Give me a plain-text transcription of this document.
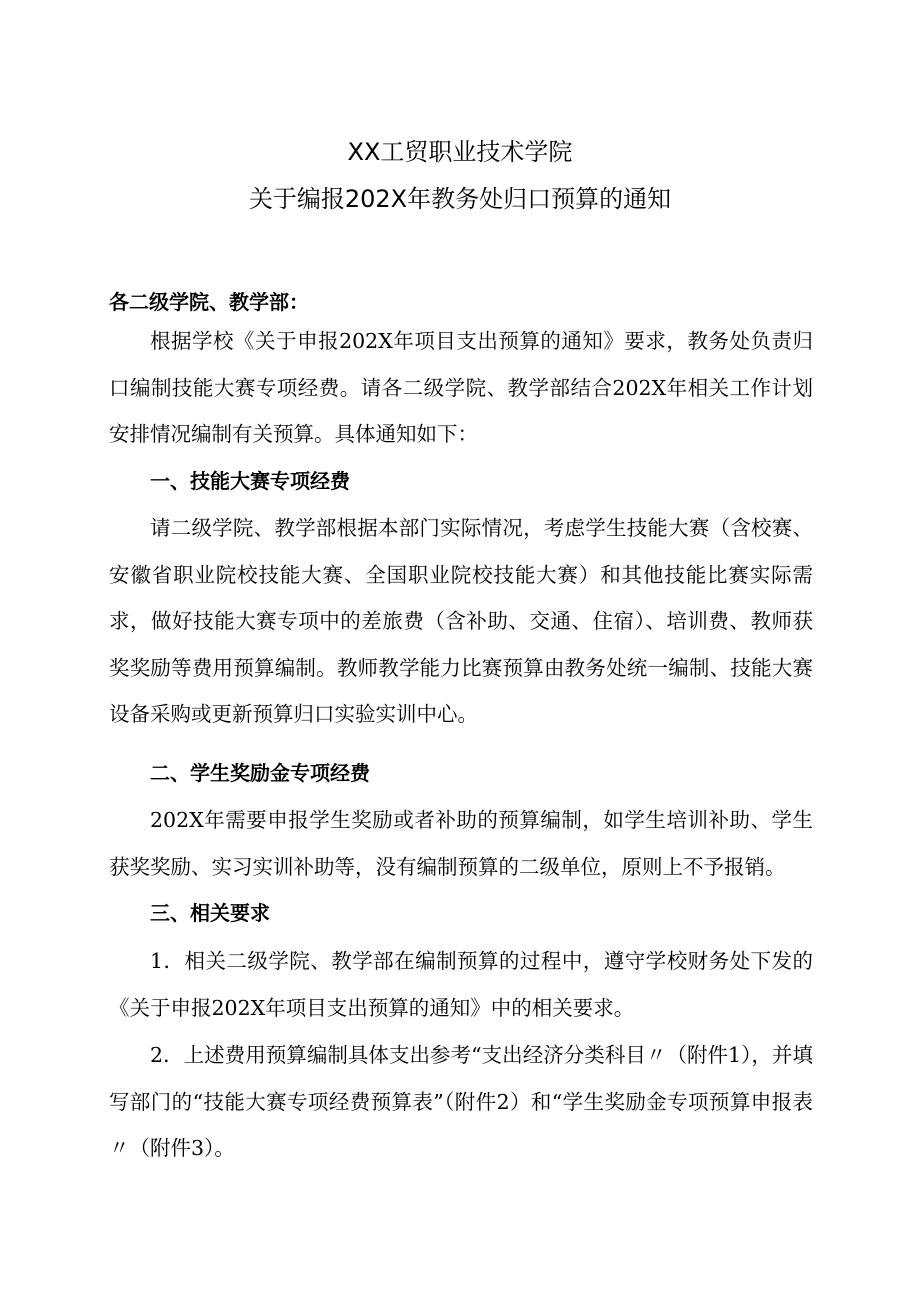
XX工贸职业技术学院
关于编报202X年教务处归口预算的通知

各二级学院、教学部：

根据学校《关于申报202X年项目支出预算的通知》要求，教务处负责归口编制技能大赛专项经费。请各二级学院、教学部结合202X年相关工作计划安排情况编制有关预算。具体通知如下：

一、技能大赛专项经费

请二级学院、教学部根据本部门实际情况，考虑学生技能大赛（含校赛、安徽省职业院校技能大赛、全国职业院校技能大赛）和其他技能比赛实际需求，做好技能大赛专项中的差旅费（含补助、交通、住宿）、培训费、教师获奖奖励等费用预算编制。教师教学能力比赛预算由教务处统一编制、技能大赛设备采购或更新预算归口实验实训中心。

二、学生奖励金专项经费

202X年需要申报学生奖励或者补助的预算编制，如学生培训补助、学生获奖奖励、实习实训补助等，没有编制预算的二级单位，原则上不予报销。

三、相关要求

1．相关二级学院、教学部在编制预算的过程中，遵守学校财务处下发的《关于申报202X年项目支出预算的通知》中的相关要求。

2．上述费用预算编制具体支出参考“支出经济分类科目〃（附件1），并填写部门的“技能大赛专项经费预算表”（附件2）和“学生奖励金专项预算申报表〃（附件3）。
